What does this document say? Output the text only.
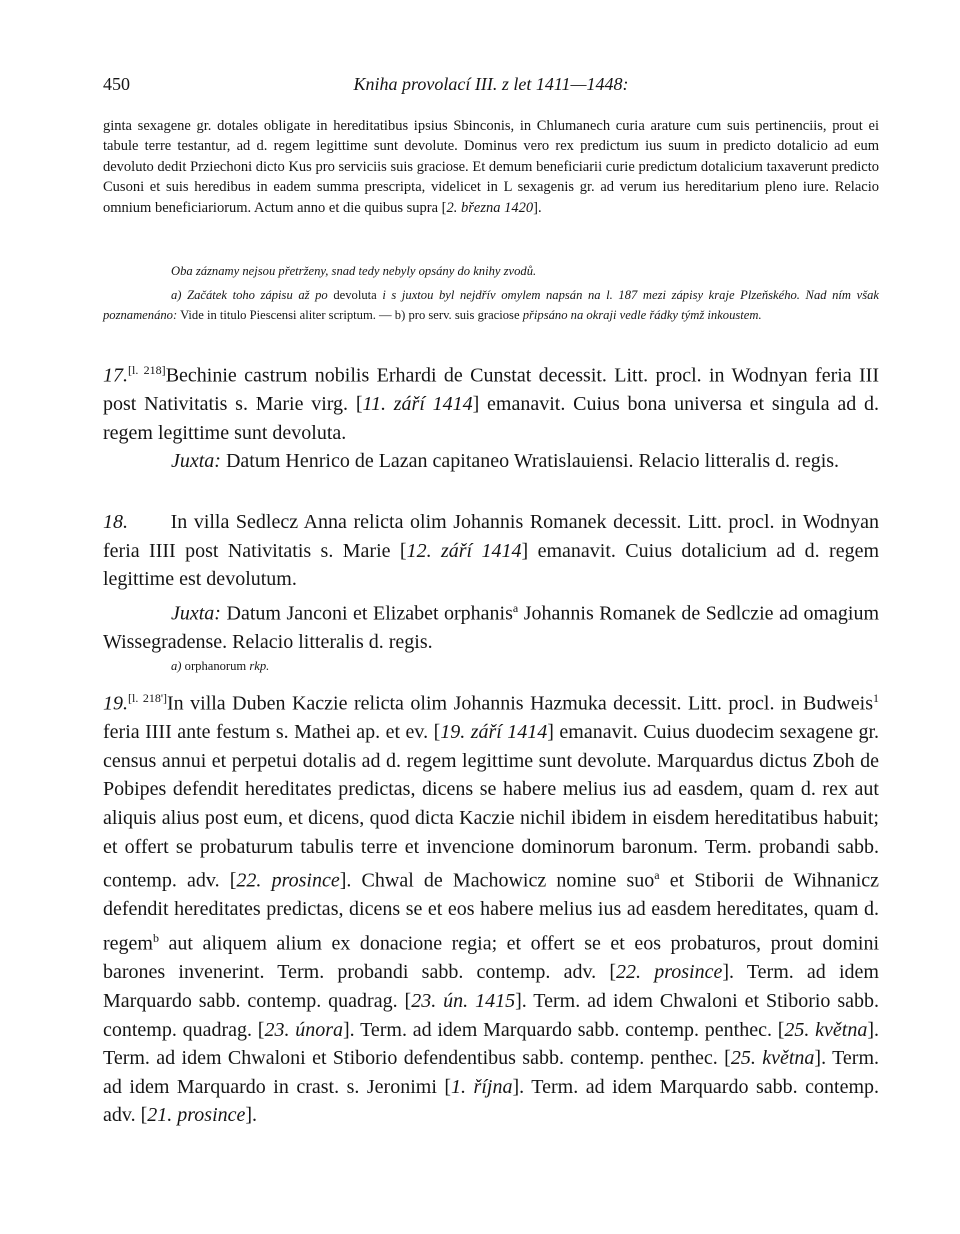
450	Kniha provolací III. z let 1411—1448:
ginta sexagene gr. dotales obligate in hereditatibus ipsius Sbinconis, in Chlumanech curia arature cum suis pertinenciis, prout ei tabule terre testantur, ad d. regem legittime sunt devolute. Dominus vero rex predictum ius suum in predicto dotalicio ad eum devoluto dedit Prziechoni dicto Kus pro serviciis suis graciose. Et demum beneficiarii curie predictum dotalicium taxaverunt predicto Cusoni et suis heredibus in eadem summa prescripta, videlicet in L sexagenis gr. ad verum ius hereditarium pleno iure. Relacio omnium beneficiariorum. Actum anno et die quibus supra [2. března 1420].
Oba záznamy nejsou přetrženy, snad tedy nebyly opsány do knihy zvodů.
a) Začátek toho zápisu až po devoluta i s juxtou byl nejdřív omylem napsán na l. 187 mezi zápisy kraje Plzeňského. Nad ním však poznamenáno: Vide in titulo Piescensi aliter scriptum. — b) pro serv. suis graciose připsáno na okraji vedle řádky týmž inkoustem.
17.[l. 218]Bechinie castrum nobilis Erhardi de Cunstat decessit. Litt. procl. in Wodnyan feria III post Nativitatis s. Marie virg. [11. září 1414] emanavit. Cuius bona universa et singula ad d. regem legittime sunt devoluta.
Juxta: Datum Henrico de Lazan capitaneo Wratislauiensi. Relacio litteralis d. regis.
18. In villa Sedlecz Anna relicta olim Johannis Romanek decessit. Litt. procl. in Wodnyan feria IIII post Nativitatis s. Marie [12. září 1414] emanavit. Cuius dotalicium ad d. regem legittime est devolutum.
Juxta: Datum Janconi et Elizabet orphanis$^a$ Johannis Romanek de Sedlczie ad omagium Wissegradense. Relacio litteralis d. regis.
a) orphanorum rkp.
19.[l. 218']In villa Duben Kaczie relicta olim Johannis Hazmuka decessit. Litt. procl. in Budweis$^1$ feria IIII ante festum s. Mathei ap. et ev. [19. září 1414] emanavit. Cuius duodecim sexagene gr. census annui et perpetui dotalis ad d. regem legittime sunt devolute. Marquardus dictus Zboh de Pobipes defendit hereditates predictas, dicens se habere melius ius ad easdem, quam d. rex aut aliquis alius post eum, et dicens, quod dicta Kaczie nichil ibidem in eisdem hereditatibus habuit; et offert se probaturum tabulis terre et invencione dominorum baronum. Term. probandi sabb. contemp. adv. [22. prosince]. Chwal de Machowicz nomine suo$^a$ et Stiborii de Wihnanicz defendit hereditates predictas, dicens se et eos habere melius ius ad easdem hereditates, quam d. regem$^b$ aut aliquem alium ex donacione regia; et offert se et eos probaturos, prout domini barones invenerint. Term. probandi sabb. contemp. adv. [22. prosince]. Term. ad idem Marquardo sabb. contemp. quadrag. [23. ún. 1415]. Term. ad idem Chwaloni et Stiborio sabb. contemp. quadrag. [23. února]. Term. ad idem Marquardo sabb. contemp. penthec. [25. května]. Term. ad idem Chwaloni et Stiborio defendentibus sabb. contemp. penthec. [25. května]. Term. ad idem Marquardo in crast. s. Jeronimi [1. října]. Term. ad idem Marquardo sabb. contemp. adv. [21. prosince].
